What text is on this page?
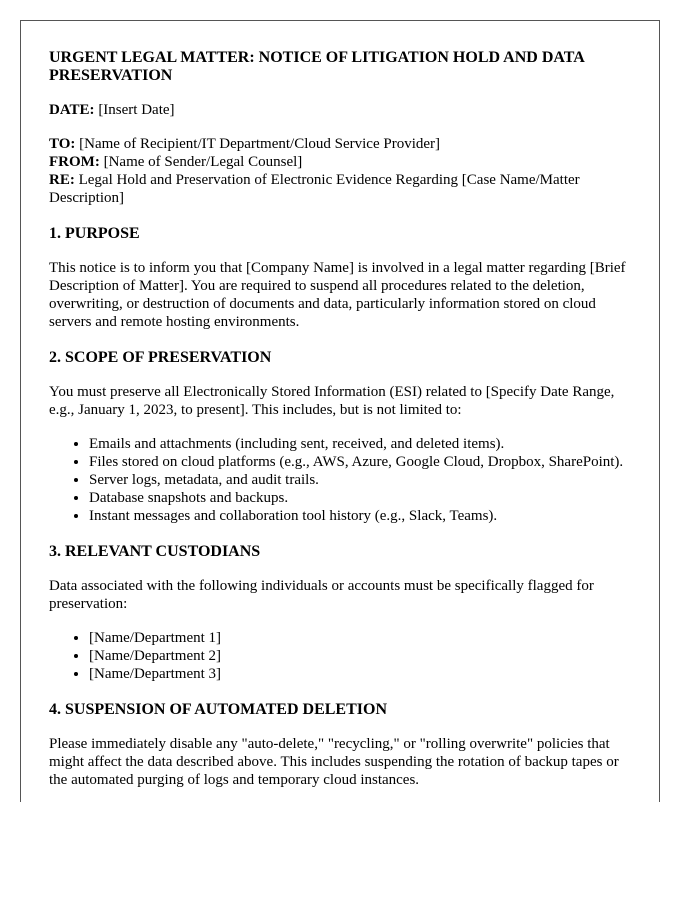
URGENT LEGAL MATTER: NOTICE OF LITIGATION HOLD AND DATA PRESERVATION
DATE: [Insert Date]
TO: [Name of Recipient/IT Department/Cloud Service Provider]
FROM: [Name of Sender/Legal Counsel]
RE: Legal Hold and Preservation of Electronic Evidence Regarding [Case Name/Matter Description]
1. PURPOSE
This notice is to inform you that [Company Name] is involved in a legal matter regarding [Brief Description of Matter]. You are required to suspend all procedures related to the deletion, overwriting, or destruction of documents and data, particularly information stored on cloud servers and remote hosting environments.
2. SCOPE OF PRESERVATION
You must preserve all Electronically Stored Information (ESI) related to [Specify Date Range, e.g., January 1, 2023, to present]. This includes, but is not limited to:
• Emails and attachments (including sent, received, and deleted items).
• Files stored on cloud platforms (e.g., AWS, Azure, Google Cloud, Dropbox, SharePoint).
• Server logs, metadata, and audit trails.
• Database snapshots and backups.
• Instant messages and collaboration tool history (e.g., Slack, Teams).
3. RELEVANT CUSTODIANS
Data associated with the following individuals or accounts must be specifically flagged for preservation:
• [Name/Department 1]
• [Name/Department 2]
• [Name/Department 3]
4. SUSPENSION OF AUTOMATED DELETION
Please immediately disable any "auto-delete," "recycling," or "rolling overwrite" policies that might affect the data described above. This includes suspending the rotation of backup tapes or the automated purging of logs and temporary cloud instances.
